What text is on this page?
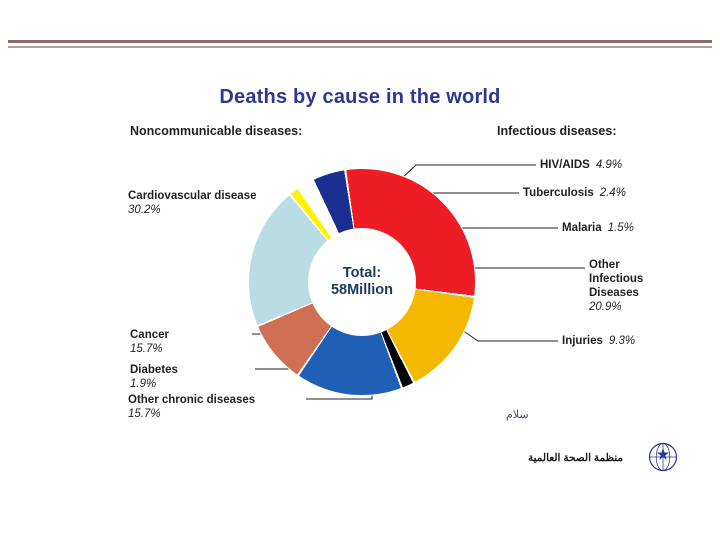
Deaths by cause in the world
Noncommunicable diseases:	Infectious diseases:
Total:
58Million
Cardiovascular disease
30.2%
Cancer
15.7%
Diabetes
1.9%
Other chronic diseases
15.7%
HIV/AIDS 4.9%
Tuberculosis 2.4%
Malaria 1.5%
Other
Infectious
Diseases
20.9%
Injuries 9.3%
سلام
منظمة الصحة العالمية
